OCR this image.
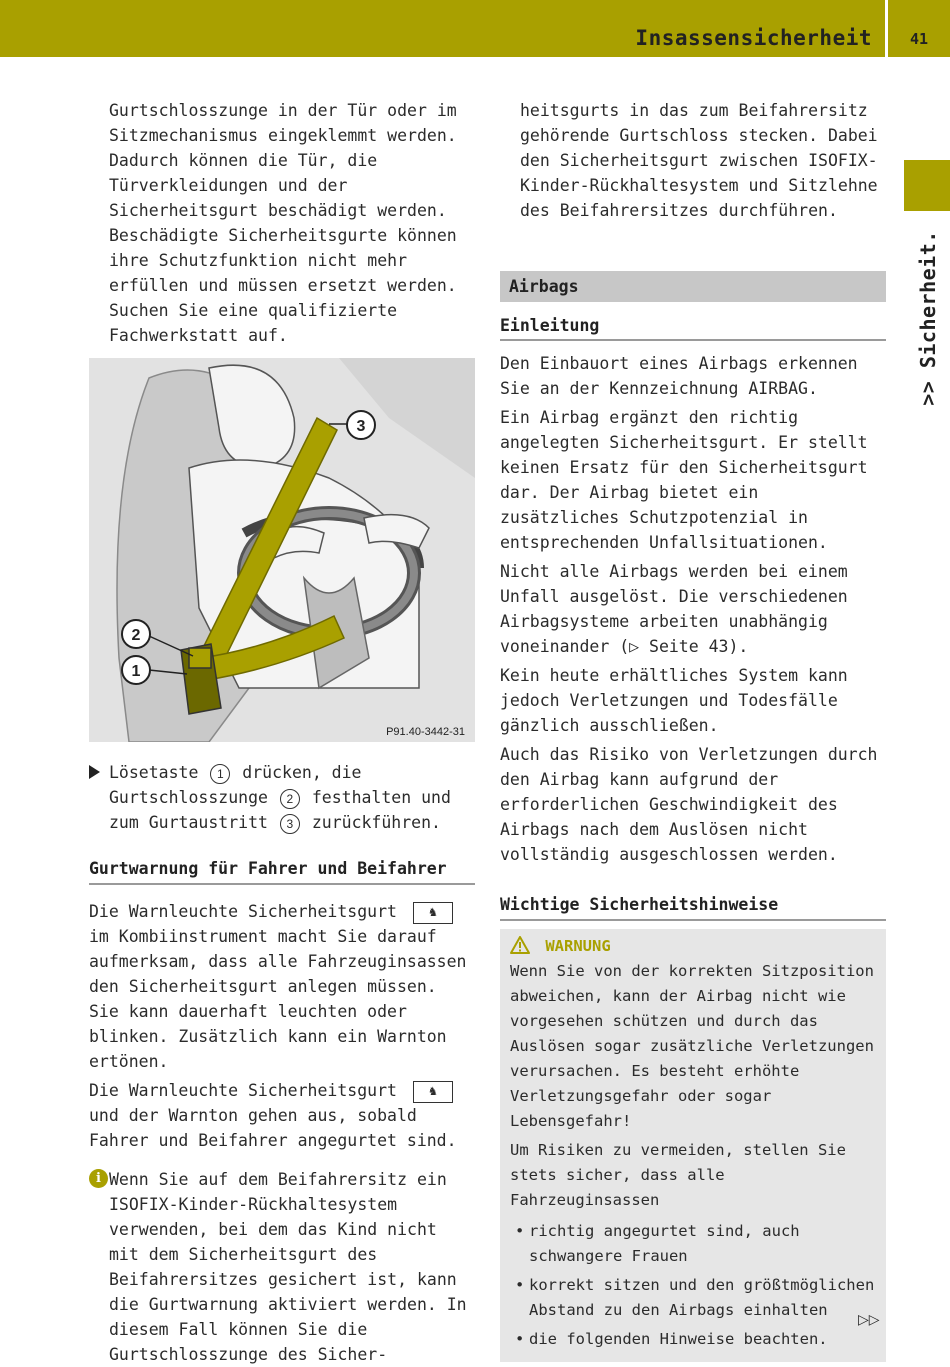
Insassensicherheit	41
>> Sicherheit.

Gurtschlosszunge in der Tür oder im Sitzmechanismus eingeklemmt werden. Dadurch können die Tür, die Türverkleidungen und der Sicherheitsgurt beschädigt werden. Beschädigte Sicherheitsgurte können ihre Schutzfunktion nicht mehr erfüllen und müssen ersetzt werden. Suchen Sie eine qualifizierte Fachwerkstatt auf.

3
2
1
P91.40-3442-31

Lösetaste 1 drücken, die Gurtschlosszunge 2 festhalten und zum Gurtaustritt 3 zurückführen.

Gurtwarnung für Fahrer und Beifahrer

Die Warnleuchte Sicherheitsgurt ♞ im Kombiinstrument macht Sie darauf aufmerksam, dass alle Fahrzeuginsassen den Sicherheitsgurt anlegen müssen. Sie kann dauerhaft leuchten oder blinken. Zusätzlich kann ein Warnton ertönen.

Die Warnleuchte Sicherheitsgurt ♞ und der Warnton gehen aus, sobald Fahrer und Beifahrer angegurtet sind.

i Wenn Sie auf dem Beifahrersitz ein ISOFIX-Kinder-Rückhaltesystem verwenden, bei dem das Kind nicht mit dem Sicherheitsgurt des Beifahrersitzes gesichert ist, kann die Gurtwarnung aktiviert werden. In diesem Fall können Sie die Gurtschlosszunge des Sicher-

heitsgurts in das zum Beifahrersitz gehörende Gurtschloss stecken. Dabei den Sicherheitsgurt zwischen ISOFIX-Kinder-Rückhaltesystem und Sitzlehne des Beifahrersitzes durchführen.

Airbags
Einleitung

Den Einbauort eines Airbags erkennen Sie an der Kennzeichnung AIRBAG.

Ein Airbag ergänzt den richtig angelegten Sicherheitsgurt. Er stellt keinen Ersatz für den Sicherheitsgurt dar. Der Airbag bietet ein zusätzliches Schutzpotenzial in entsprechenden Unfallsituationen.

Nicht alle Airbags werden bei einem Unfall ausgelöst. Die verschiedenen Airbagsysteme arbeiten unabhängig voneinander (▷ Seite 43).

Kein heute erhältliches System kann jedoch Verletzungen und Todesfälle gänzlich ausschließen.

Auch das Risiko von Verletzungen durch den Airbag kann aufgrund der erforderlichen Geschwindigkeit des Airbags nach dem Auslösen nicht vollständig ausgeschlossen werden.

Wichtige Sicherheitshinweise
WARNUNG

Wenn Sie von der korrekten Sitzposition abweichen, kann der Airbag nicht wie vorgesehen schützen und durch das Auslösen sogar zusätzliche Verletzungen verursachen. Es besteht erhöhte Verletzungsgefahr oder sogar Lebensgefahr!

Um Risiken zu vermeiden, stellen Sie stets sicher, dass alle Fahrzeuginsassen

• richtig angegurtet sind, auch schwangere Frauen
• korrekt sitzen und den größtmöglichen Abstand zu den Airbags einhalten
• die folgenden Hinweise beachten.
▷▷
